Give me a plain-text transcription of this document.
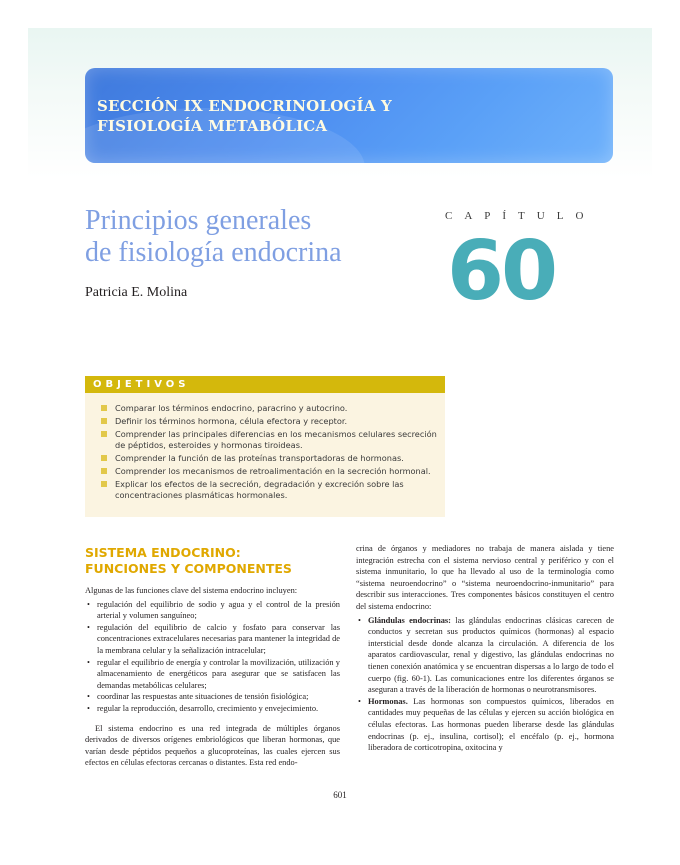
SECCIÓN IX ENDOCRINOLOGÍA Y
FISIOLOGÍA METABÓLICA
Principios generales
de fisiología endocrina

Patricia E. Molina

CAPÍTULO
60
OBJETIVOS
Comparar los términos endocrino, paracrino y autocrino.
Definir los términos hormona, célula efectora y receptor.
Comprender las principales diferencias en los mecanismos celulares secreción de péptidos, esteroides y hormonas tiroideas.
Comprender la función de las proteínas transportadoras de hormonas.
Comprender los mecanismos de retroalimentación en la secreción hormonal.
Explicar los efectos de la secreción, degradación y excreción sobre las concentraciones plasmáticas hormonales.
SISTEMA ENDOCRINO:
FUNCIONES Y COMPONENTES

Algunas de las funciones clave del sistema endocrino incluyen:

• regulación del equilibrio de sodio y agua y el control de la presión arterial y volumen sanguíneo;
• regulación del equilibrio de calcio y fosfato para conservar las concentraciones extracelulares necesarias para mantener la integridad de la membrana celular y la señalización intracelular;
• regular el equilibrio de energía y controlar la movilización, utilización y almacenamiento de energéticos para asegurar que se satisfacen las demandas metabólicas celulares;
• coordinar las respuestas ante situaciones de tensión fisiológica;
• regular la reproducción, desarrollo, crecimiento y envejecimiento.

El sistema endocrino es una red integrada de múltiples órganos derivados de diversos orígenes embriológicos que liberan hormonas, que varían desde péptidos pequeños a glucoproteínas, las cuales ejercen sus efectos en células efectoras cercanas o distantes. Esta red endo-

crina de órganos y mediadores no trabaja de manera aislada y tiene integración estrecha con el sistema nervioso central y periférico y con el sistema inmunitario, lo que ha llevado al uso de la terminología como “sistema neuroendocrino” o “sistema neuroendocrino-inmunitario” para describir sus interacciones. Tres componentes básicos constituyen el centro del sistema endocrino:

• Glándulas endocrinas: las glándulas endocrinas clásicas carecen de conductos y secretan sus productos químicos (hormonas) al espacio intersticial desde donde alcanza la circulación. A diferencia de los aparatos cardiovascular, renal y digestivo, las glándulas endocrinas no tienen conexión anatómica y se encuentran dispersas a lo largo de todo el cuerpo (fig. 60-1). Las comunicaciones entre los diferentes órganos se aseguran a través de la liberación de hormonas o neurotransmisores.
• Hormonas. Las hormonas son compuestos químicos, liberados en cantidades muy pequeñas de las células y ejercen su acción biológica en células efectoras. Las hormonas pueden liberarse desde las glándulas endocrinas (p. ej., insulina, cortisol); el encéfalo (p. ej., hormona liberadora de corticotropina, oxitocina y
601
